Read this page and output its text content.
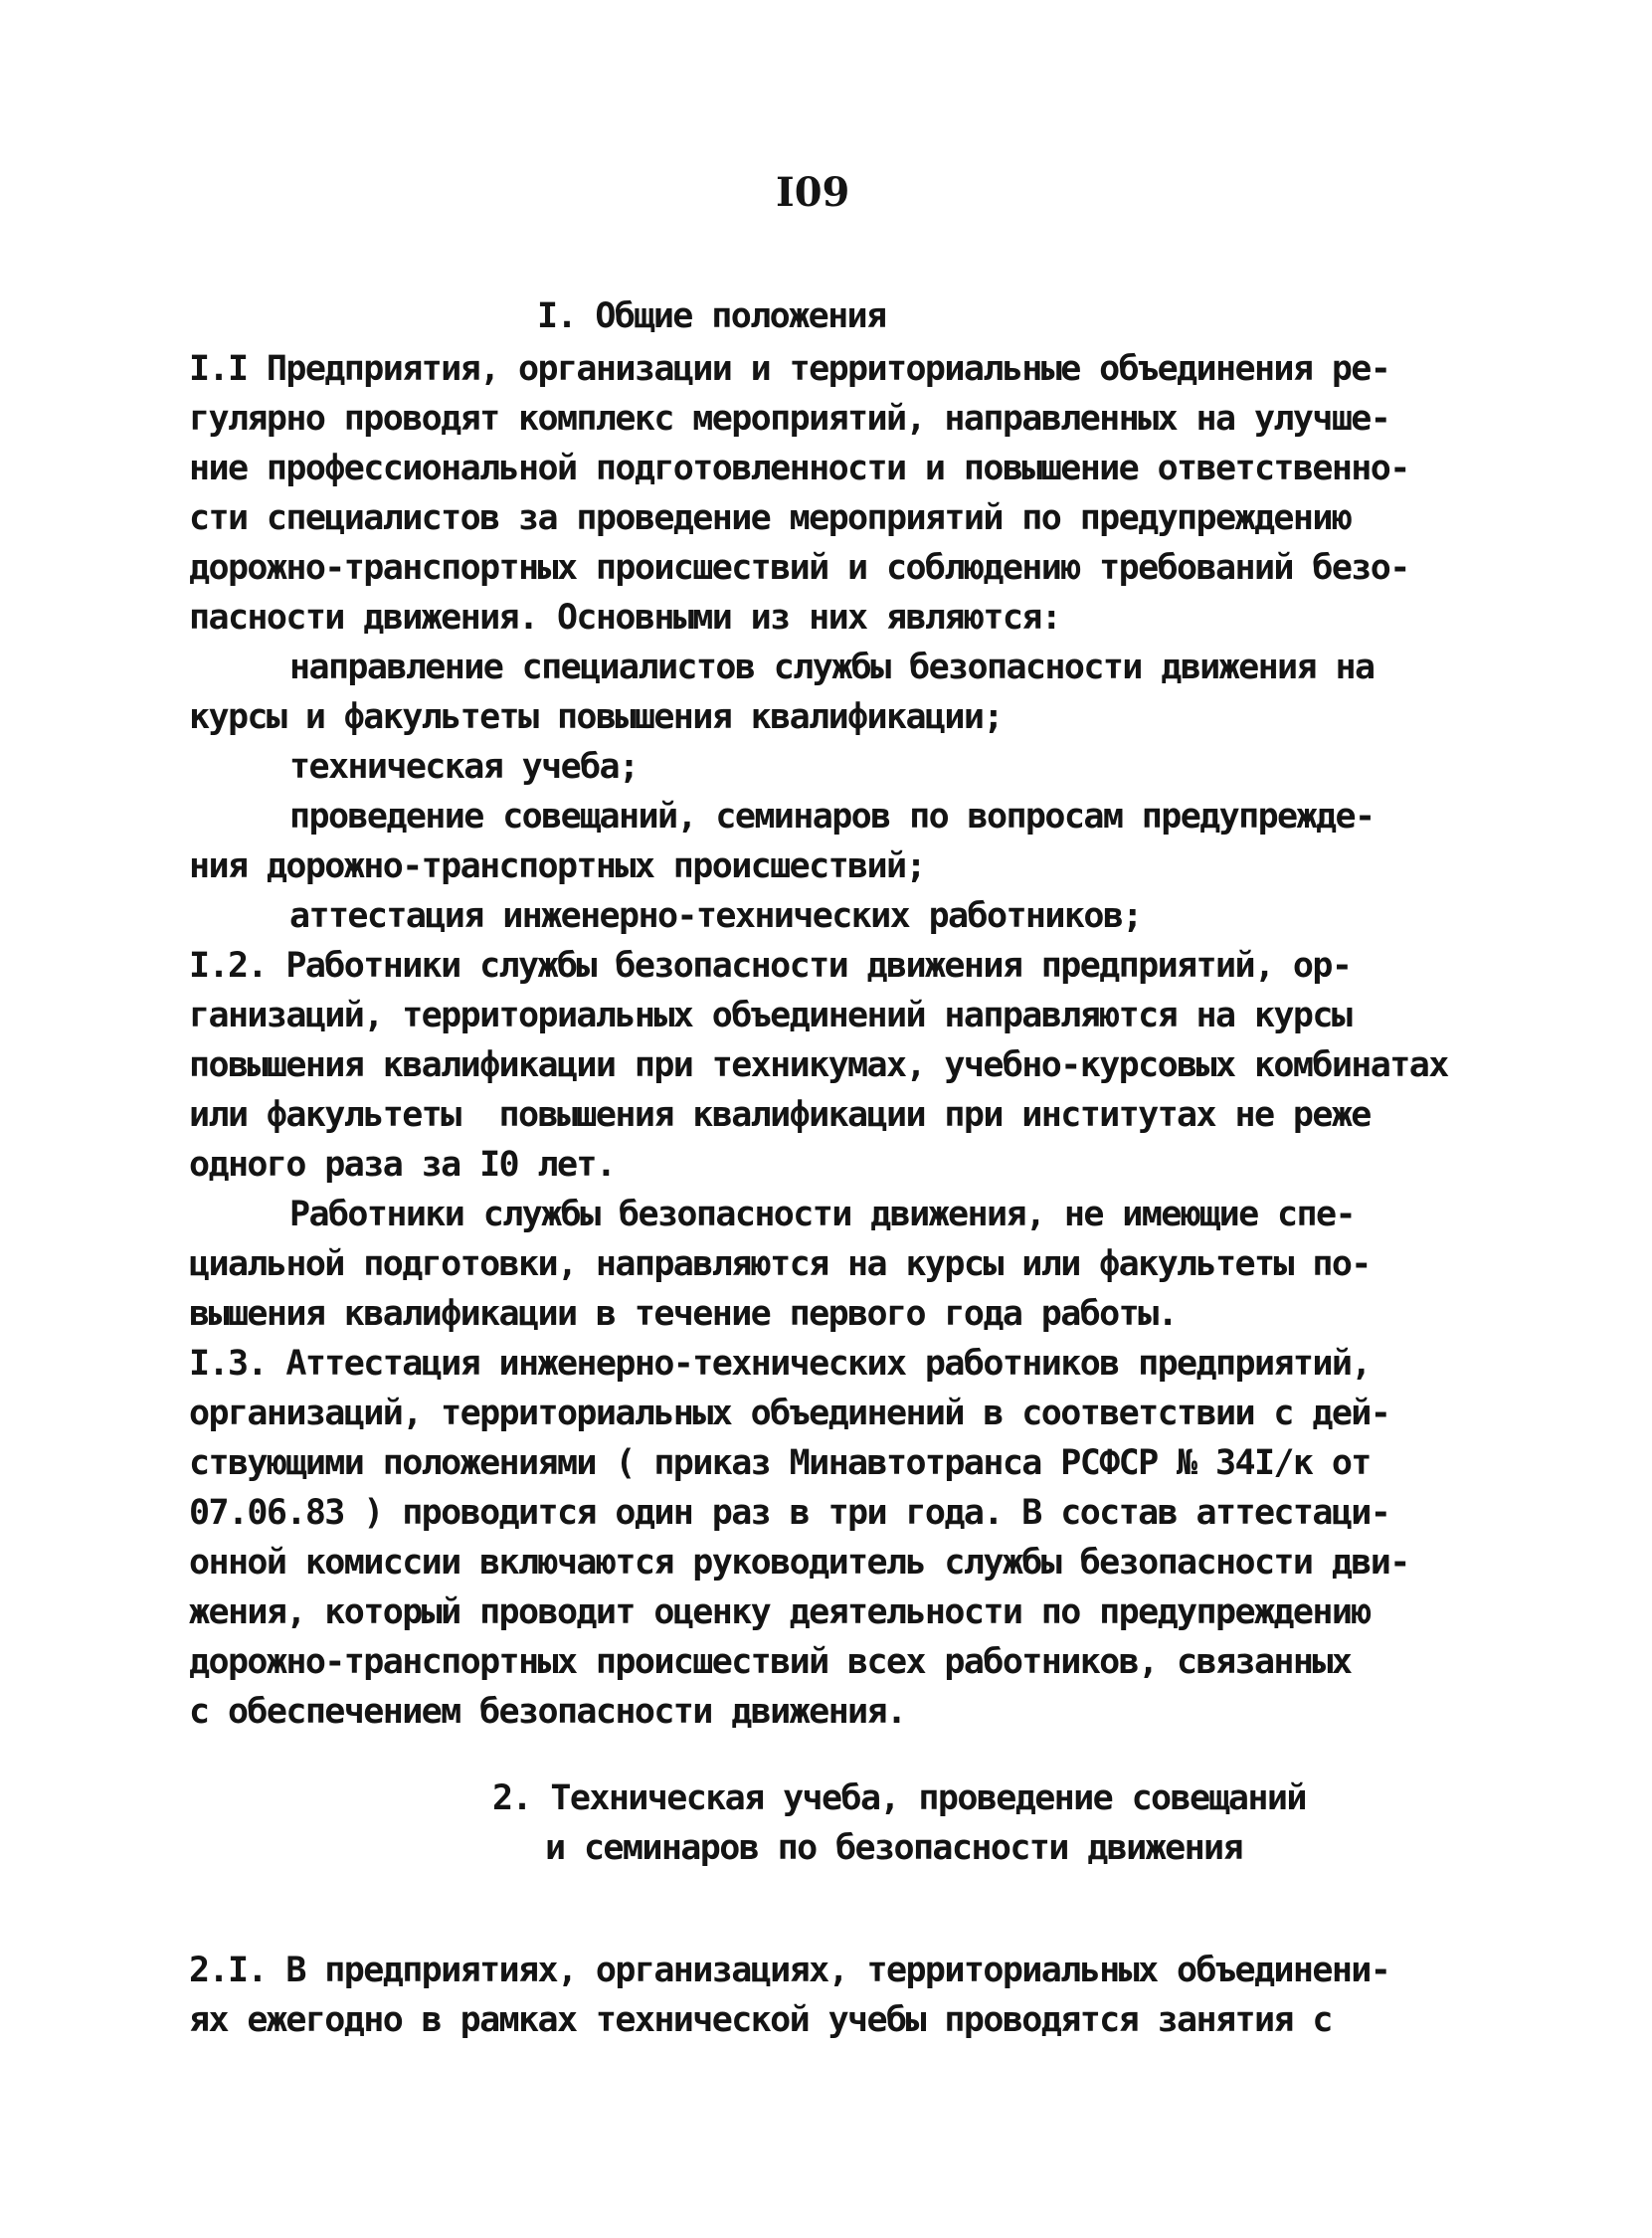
I09
I. Общие положения
I.I Предприятия, организации и территориальные объединения ре-
гулярно проводят комплекс мероприятий, направленных на улучше-
ние профессиональной подготовленности и повышение ответственно-
сти специалистов за проведение мероприятий по предупреждению
дорожно-транспортных происшествий и соблюдению требований безо-
пасности движения. Основными из них являются:
направление специалистов службы безопасности движения на
курсы и факультеты повышения квалификации;
техническая учеба;
проведение совещаний, семинаров по вопросам предупрежде-
ния дорожно-транспортных происшествий;
аттестация инженерно-технических работников;
I.2. Работники службы безопасности движения предприятий, ор-
ганизаций, территориальных объединений направляются на курсы
повышения квалификации при техникумах, учебно-курсовых комбинатах
или факультеты  повышения квалификации при институтах не реже
одного раза за I0 лет.
Работники службы безопасности движения, не имеющие спе-
циальной подготовки, направляются на курсы или факультеты по-
вышения квалификации в течение первого года работы.
I.3. Аттестация инженерно-технических работников предприятий,
организаций, территориальных объединений в соответствии с дей-
ствующими положениями ( приказ Минавтотранса РСФСР № 34I/к от
07.06.83 ) проводится один раз в три года. В состав аттестаци-
онной комиссии включаются руководитель службы безопасности дви-
жения, который проводит оценку деятельности по предупреждению
дорожно-транспортных происшествий всех работников, связанных
с обеспечением безопасности движения.
2. Техническая учеба, проведение совещаний
и семинаров по безопасности движения
2.I. В предприятиях, организациях, территориальных объединени-
ях ежегодно в рамках технической учебы проводятся занятия с
